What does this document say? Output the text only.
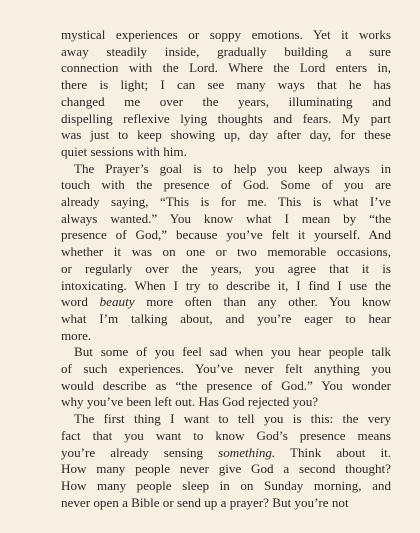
mystical experiences or soppy emotions. Yet it works
away steadily inside, gradually building a sure
connection with the Lord. Where the Lord enters in,
there is light; I can see many ways that he has
changed me over the years, illuminating and
dispelling reflexive lying thoughts and fears. My part
was just to keep showing up, day after day, for these
quiet sessions with him.
The Prayer’s goal is to help you keep always in
touch with the presence of God. Some of you are
already saying, “This is for me. This is what I’ve
always wanted.” You know what I mean by “the
presence of God,” because you’ve felt it yourself. And
whether it was on one or two memorable occasions,
or regularly over the years, you agree that it is
intoxicating. When I try to describe it, I find I use the
word beauty more often than any other. You know
what I’m talking about, and you’re eager to hear
more.
But some of you feel sad when you hear people talk
of such experiences. You’ve never felt anything you
would describe as “the presence of God.” You wonder
why you’ve been left out. Has God rejected you?
The first thing I want to tell you is this: the very
fact that you want to know God’s presence means
you’re already sensing something. Think about it.
How many people never give God a second thought?
How many people sleep in on Sunday morning, and
never open a Bible or send up a prayer? But you’re not
